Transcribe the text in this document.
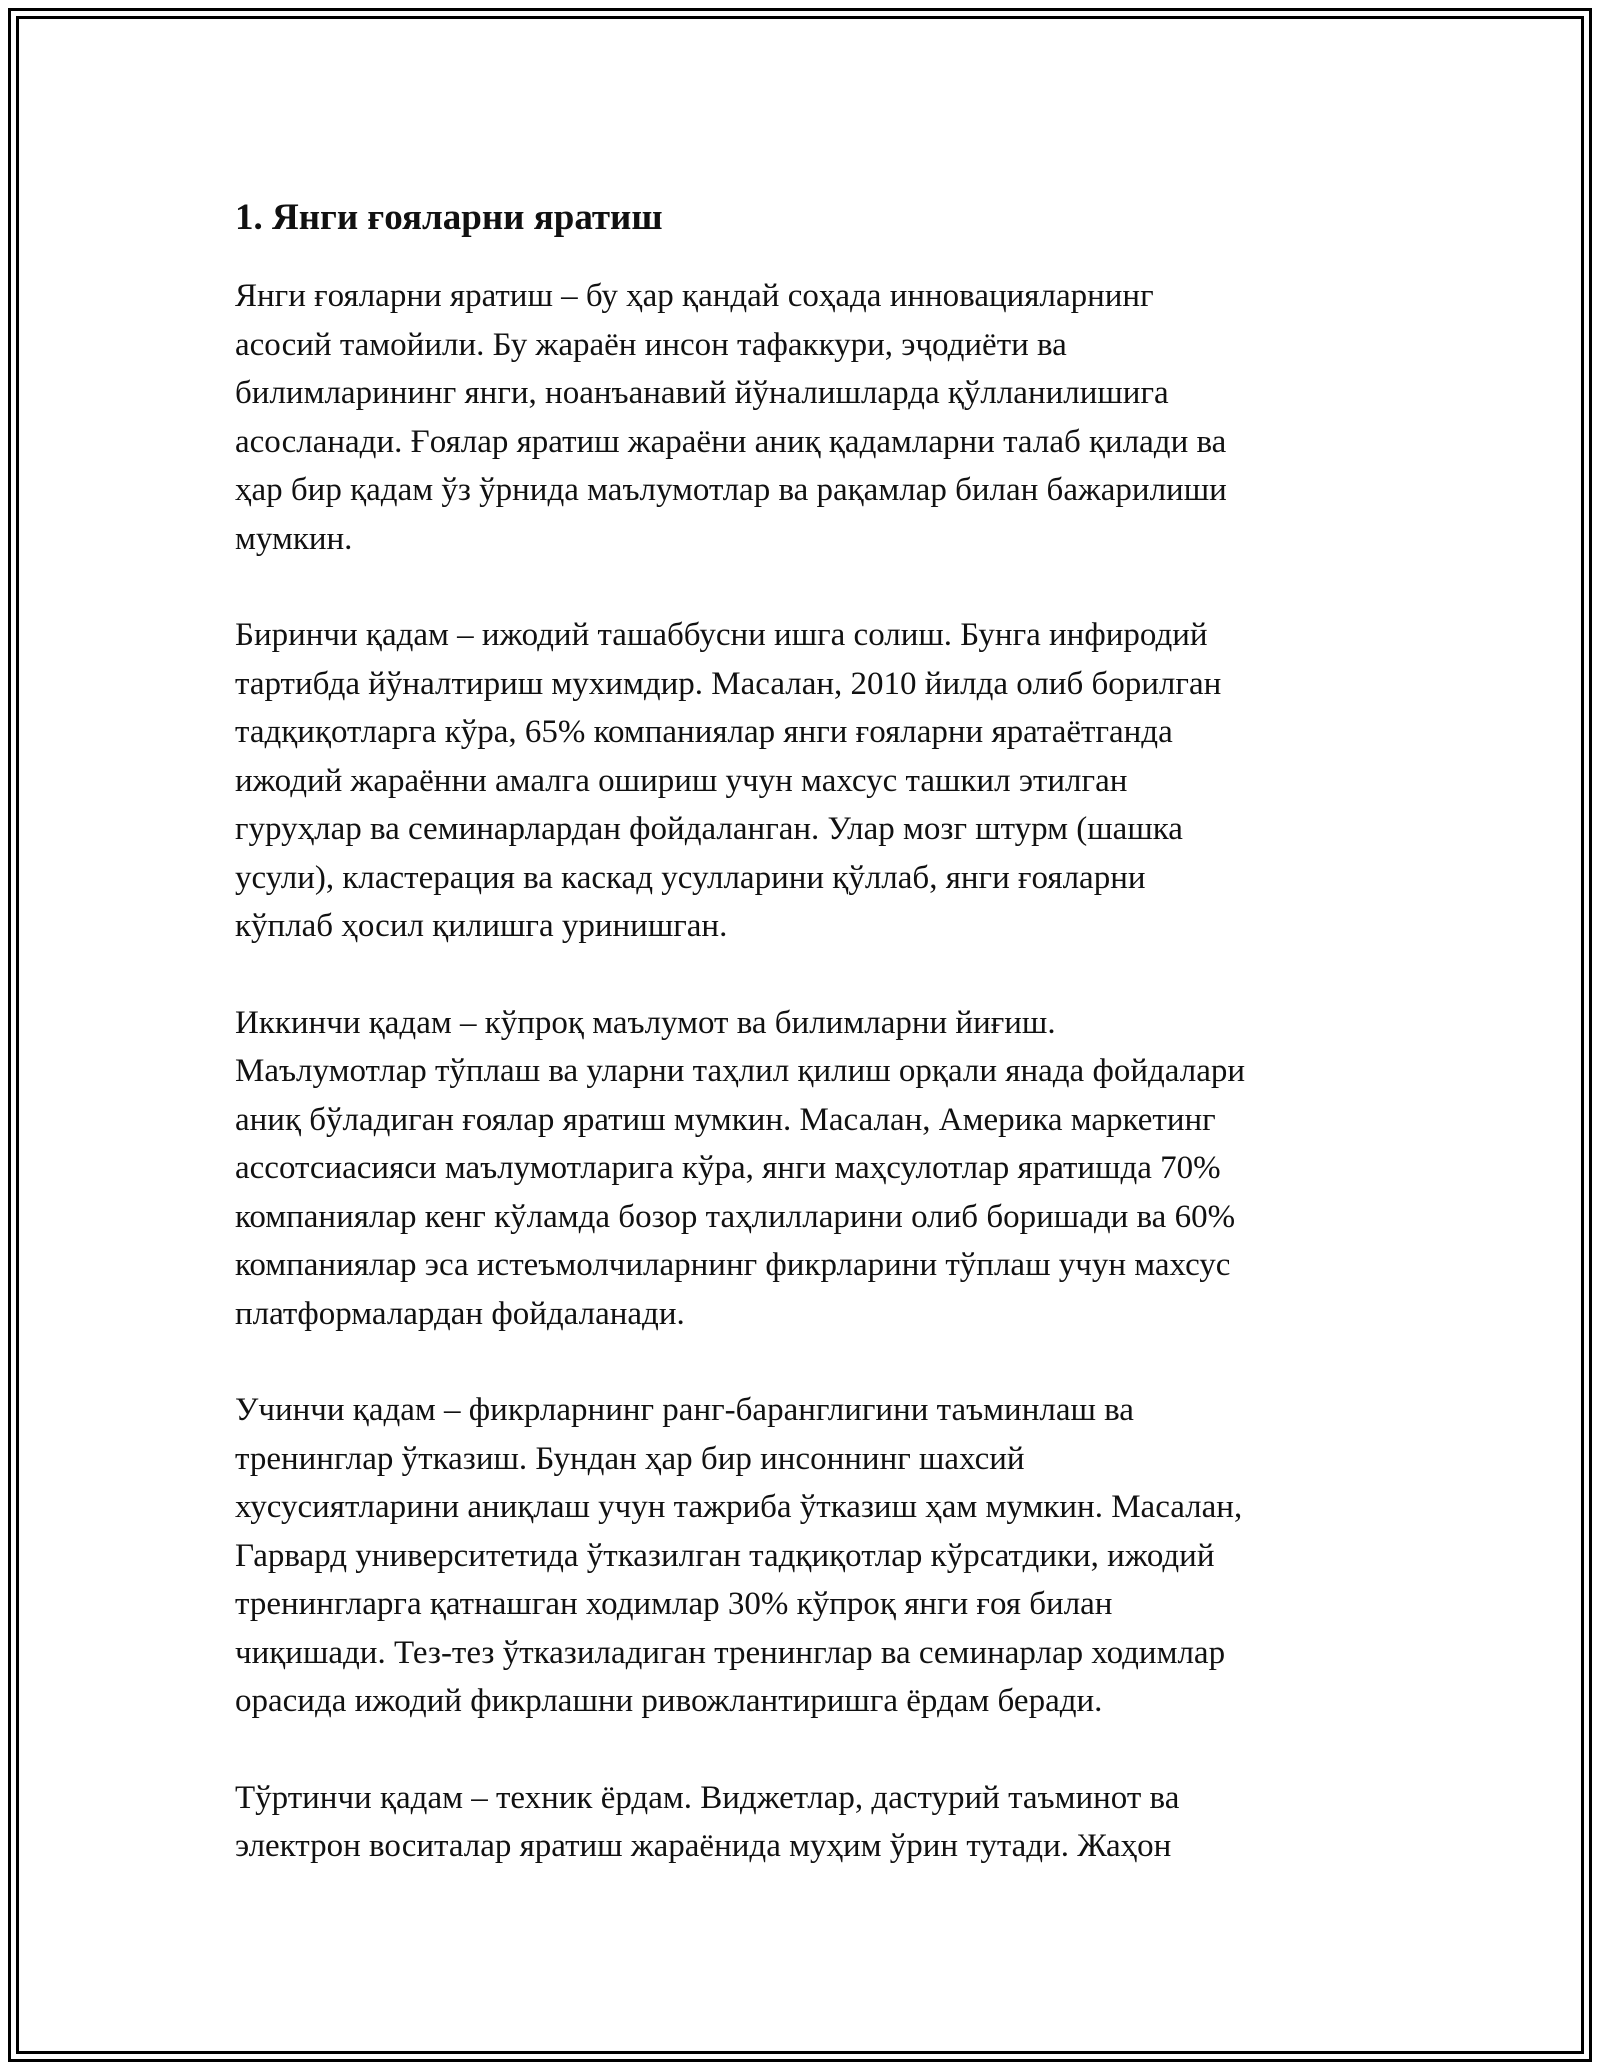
1. Янги ғояларни яратиш

Янги ғояларни яратиш – бу ҳар қандай соҳада инновацияларнинг
асосий тамойили. Бу жараён инсон тафаккури, эҷодиёти ва
билимларининг янги, ноанъанавий йўналишларда қўлланилишига
асосланади. Ғоялар яратиш жараёни аниқ қадамларни талаб қилади ва
ҳар бир қадам ўз ўрнида маълумотлар ва рақамлар билан бажарилиши
мумкин.

Биринчи қадам – ижодий ташаббусни ишга солиш. Бунга инфиродий
тартибда йўналтириш мухимдир. Масалан, 2010 йилда олиб борилган
тадқиқотларга кўра, 65% компаниялар янги ғояларни яратаётганда
ижодий жараённи амалга ошириш учун махсус ташкил этилган
гуруҳлар ва семинарлардан фойдаланган. Улар мозг штурм (шашка
усули), кластерация ва каскад усулларини қўллаб, янги ғояларни
кўплаб ҳосил қилишга уринишган.

Иккинчи қадам – кўпроқ маълумот ва билимларни йиғиш.
Маълумотлар тўплаш ва уларни таҳлил қилиш орқали янада фойдалари
аниқ бўладиган ғоялар яратиш мумкин. Масалан, Америка маркетинг
ассотсиасияси маълумотларига кўра, янги маҳсулотлар яратишда 70%
компаниялар кенг кўламда бозор таҳлилларини олиб боришади ва 60%
компаниялар эса истеъмолчиларнинг фикрларини тўплаш учун махсус
платформалардан фойдаланади.

Учинчи қадам – фикрларнинг ранг-баранглигини таъминлаш ва
тренинглар ўтказиш. Бундан ҳар бир инсоннинг шахсий
хусусиятларини аниқлаш учун тажриба ўтказиш ҳам мумкин. Масалан,
Гарвард университетида ўтказилган тадқиқотлар кўрсатдики, ижодий
тренингларга қатнашган ходимлар 30% кўпроқ янги ғоя билан
чиқишади. Тез-тез ўтказиладиган тренинглар ва семинарлар ходимлар
орасида ижодий фикрлашни ривожлантиришга ёрдам беради.

Тўртинчи қадам – техник ёрдам. Виджетлар, дастурий таъминот ва
электрон воситалар яратиш жараёнида муҳим ўрин тутади. Жаҳон
